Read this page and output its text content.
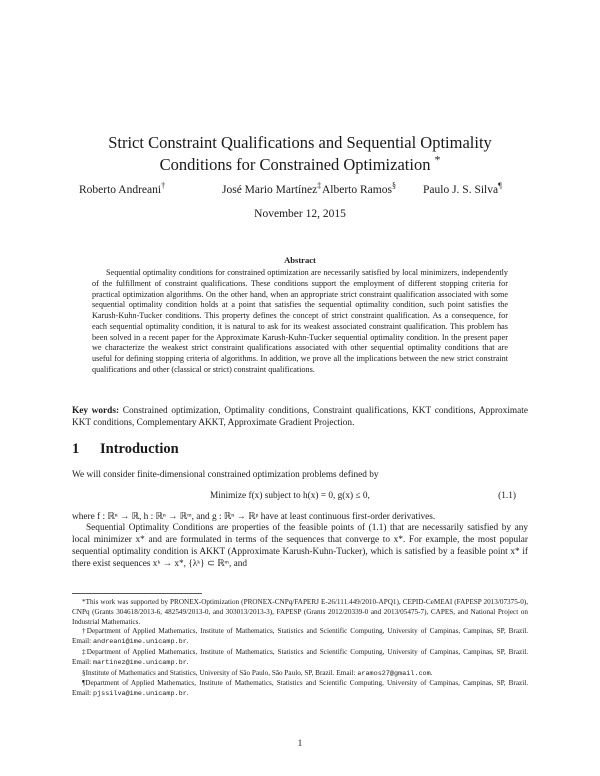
Strict Constraint Qualifications and Sequential Optimality
Conditions for Constrained Optimization *
Roberto Andreani†	José Mario Martínez‡ Alberto Ramos§ Paulo J. S. Silva¶
November 12, 2015
Abstract
Sequential optimality conditions for constrained optimization are necessarily satisfied by local minimizers, independently of the fulfillment of constraint qualifications. These conditions support the employment of different stopping criteria for practical optimization algorithms. On the other hand, when an appropriate strict constraint qualification associated with some sequential optimality condition holds at a point that satisfies the sequential optimality condition, such point satisfies the Karush-Kuhn-Tucker conditions. This property defines the concept of strict constraint qualification. As a consequence, for each sequential optimality condition, it is natural to ask for its weakest associated constraint qualification. This problem has been solved in a recent paper for the Approximate Karush-Kuhn-Tucker sequential optimality condition. In the present paper we characterize the weakest strict constraint qualifications associated with other sequential optimality conditions that are useful for defining stopping criteria of algorithms. In addition, we prove all the implications between the new strict constraint qualifications and other (classical or strict) constraint qualifications.
Key words: Constrained optimization, Optimality conditions, Constraint qualifications, KKT conditions, Approximate KKT conditions, Complementary AKKT, Approximate Gradient Projection.
1 Introduction
We will consider finite-dimensional constrained optimization problems defined by
Minimize f(x) subject to h(x) = 0, g(x) ≤ 0,	(1.1)
where f : ℝⁿ → ℝ, h : ℝⁿ → ℝᵐ, and g : ℝⁿ → ℝᵖ have at least continuous first-order derivatives.
Sequential Optimality Conditions are properties of the feasible points of (1.1) that are necessarily satisfied by any local minimizer x* and are formulated in terms of the sequences that converge to x*. For example, the most popular sequential optimality condition is AKKT (Approximate Karush-Kuhn-Tucker), which is satisfied by a feasible point x* if there exist sequences xᵏ → x*, {λᵏ} ⊂ ℝᵐ, and

*This work was supported by PRONEX-Optimization (PRONEX-CNPq/FAPERJ E-26/111.449/2010-APQ1), CEPID-CeMEAI (FAPESP 2013/07375-0), CNPq (Grants 304618/2013-6, 482549/2013-0, and 303013/2013-3), FAPESP (Grants 2012/20339-0 and 2013/05475-7), CAPES, and National Project on Industrial Mathematics.

†Department of Applied Mathematics, Institute of Mathematics, Statistics and Scientific Computing, University of Campinas, Campinas, SP, Brazil. Email: andreani@ime.unicamp.br.

‡Department of Applied Mathematics, Institute of Mathematics, Statistics and Scientific Computing, University of Campinas, Campinas, SP, Brazil. Email: martinez@ime.unicamp.br.

§Institute of Mathematics and Statistics, University of São Paulo, São Paulo, SP, Brazil. Email: aramos27@gmail.com.

¶Department of Applied Mathematics, Institute of Mathematics, Statistics and Scientific Computing, University of Campinas, Campinas, SP, Brazil. Email: pjssilva@ime.unicamp.br.

1
